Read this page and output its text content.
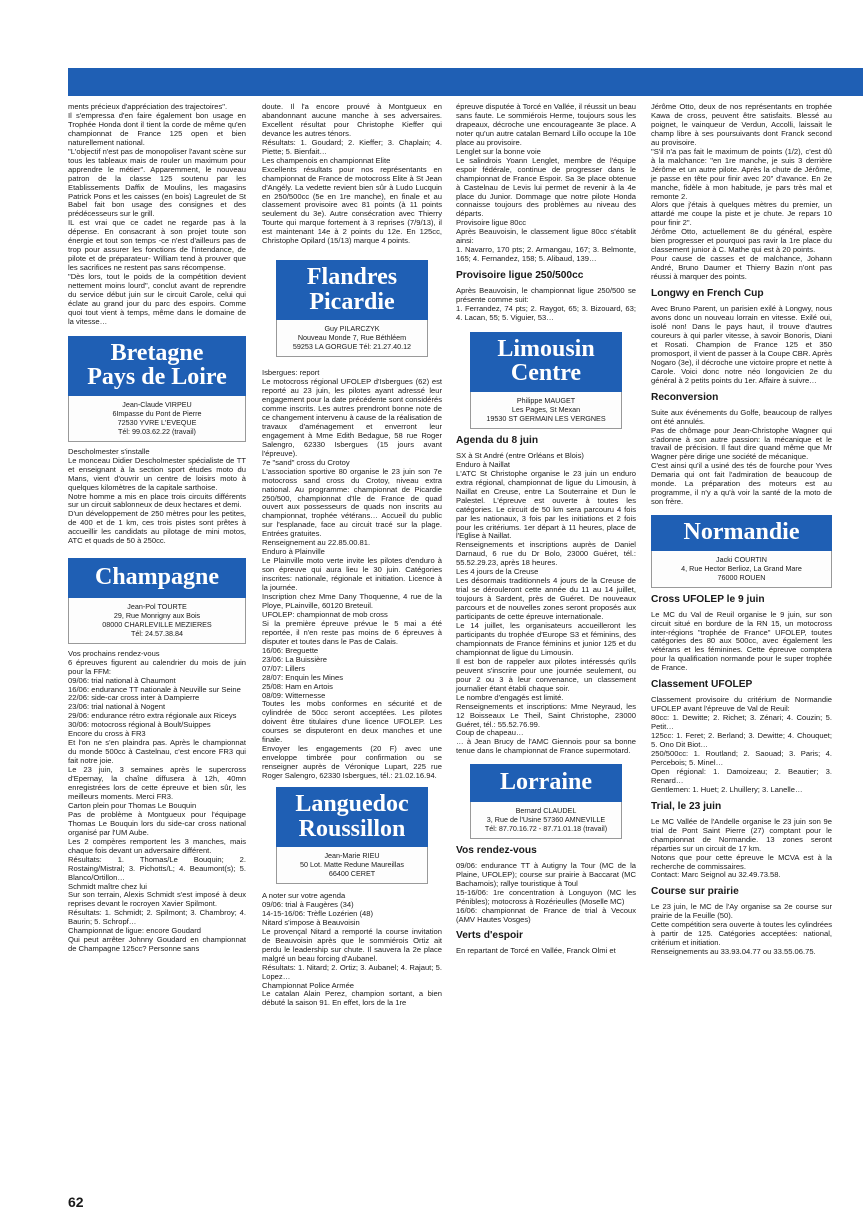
ments précieux d'appréciation des trajectoires".
Il s'empressa d'en faire également bon usage en Trophée Honda dont il tient la corde de même qu'en championnat de France 125 open et bien naturellement national.
"L'objectif n'est pas de monopoliser l'avant scène sur tous les tableaux mais de rouler un maximum pour apprendre le métier". Apparemment, le nouveau patron de la classe 125 soutenu par les Etablissements Daffix de Moulins, les magasins Patrick Pons et les caisses (en bois) Lagreulet de St Babel fait bon usage des consignes et des prédécesseurs sur le grill.
IL est vrai que ce cadet ne regarde pas à la dépense. En consacrant à son projet toute son énergie et tout son temps -ce n'est d'ailleurs pas de trop pour assurer les fonctions de l'intendance, de pilote et de préparateur- William tend à prouver que les sacrifices ne restent pas sans récompense.
"Dès lors, tout le poids de la compétition devient nettement moins lourd", conclut avant de reprendre du service début juin sur le circuit Carole, celui qui éclate au grand jour du parc des espoirs. Comme quoi tout vient à temps, même dans le domaine de la vitesse…

Bretagne
Pays de Loire
Jean-Claude VIRPEU
6Impasse du Pont de Pierre
72530 YVRE L'EVEQUE
Tél: 99.03.62.22 (travail)

Descholmester s'installe
Le monceau Didier Descholmester spécialiste de TT et enseignant à la section sport études moto du Mans, vient d'ouvrir un centre de loisirs moto à quelques kilomètres de la capitale sarthoise.
Notre homme a mis en place trois circuits différents sur un circuit sablonneux de deux hectares et demi.
D'un développement de 250 mètres pour les petites, de 400 et de 1 km, ces trois pistes sont prêtes à accueillir les candidats au pilotage de mini motos, ATC et quads de 50 à 250cc.

Champagne
Jean-Pol TOURTE
29, Rue Monrigny aux Bois
08000 CHARLEVILLE MEZIERES
Tél: 24.57.38.84

Vos prochains rendez-vous
6 épreuves figurent au calendrier du mois de juin pour la FFM:
09/06: trial national à Chaumont
16/06: endurance TT nationale à Neuville sur Seine
22/06: side-car cross inter à Dampierre
23/06: trial national à Nogent
29/06: endurance rétro extra régionale aux Riceys
30/06: motocross régional à Boult/Suippes
Encore du cross à FR3
Et l'on ne s'en plaindra pas. Après le championnat du monde 500cc à Castelnau, c'est encore FR3 qui fait notre joie.
Le 23 juin, 3 semaines après le supercross d'Epernay, la chaîne diffusera à 12h, 40mn enregistrées lors de cette épreuve et bien sûr, les meilleurs moments. Merci FR3.
Carton plein pour Thomas Le Bouquin
Pas de problème à Montgueux pour l'équipage Thomas Le Bouquin lors du side-car cross national organisé par l'UM Aube.
Les 2 compères remportent les 3 manches, mais chaque fois devant un adversaire différent.
Résultats: 1. Thomas/Le Bouquin; 2. Rostaing/Mistral; 3. Pichotts/L; 4. Beaumont(s); 5. Blanco/Ortillon…
Schmidt maître chez lui
Sur son terrain, Alexis Schmidt s'est imposé à deux reprises devant le rocroyen Xavier Spilmont.
Résultats: 1. Schmidt; 2. Spilmont; 3. Chambroy; 4. Baurin; 5. Schropf…
Championnat de ligue: encore Goudard
Qui peut arrêter Johnny Goudard en championnat de Champagne 125cc? Personne sans

doute. Il l'a encore prouvé à Montgueux en abandonnant aucune manche à ses adversaires. Excellent résultat pour Christophe Kieffer qui devance les autres ténors.
Résultats: 1. Goudard; 2. Kieffer; 3. Chaplain; 4. Piette; 5. Bienfait…
Les champenois en championnat Elite
Excellents résultats pour nos représentants en championnat de France de motocross Elite à St Jean d'Angély. La vedette revient bien sûr à Ludo Lucquin en 250/500cc (5e en 1re manche), en finale et au classement provisoire avec 81 points (à 11 points seulement du 3e). Autre consécration avec Thierry Tourte qui marque fortement à 3 reprises (7/9/13), il est maintenant 14e à 2 points du 12e. En 125cc, Christophe Opilard (15/13) marque 4 points.

Flandres
Picardie
Guy PILARCZYK
Nouveau Monde 7, Rue Béthléem
59253 LA GORGUE Tél: 21.27.40.12

Isbergues: report
Le motocross régional UFOLEP d'Isbergues (62) est reporté au 23 juin, les pilotes ayant adressé leur engagement pour la date précédente sont considérés comme inscrits. Les autres prendront bonne note de ce changement intervenu à cause de la réalisation de travaux d'aménagement et enverront leur engagement à Mme Edith Bedague, 58 rue Roger Salengro, 62330 Isbergues (15 jours avant l'épreuve).
7e "sand" cross du Crotoy
L'association sportive 80 organise le 23 juin son 7e motocross sand cross du Crotoy, niveau extra national. Au programme: championnat de Picardie 250/500, championnat d'Ile de France de quad ouvert aux possesseurs de quads non inscrits au championnat, trophée vétérans… Accueil du public sur l'esplanade, face au circuit tracé sur la plage. Entrées gratuites.
Renseignement au 22.85.00.81.
Enduro à Plainville
Le Plainville moto verte invite les pilotes d'enduro à son épreuve qui aura lieu le 30 juin. Catégories inscrites: nationale, régionale et initiation. Licence à la journée.
Inscription chez Mme Dany Thoquenne, 4 rue de la Ploye, PLainville, 60120 Breteuil.
UFOLEP: championnat de mob cross
Si la première épreuve prévue le 5 mai a été reportée, il n'en reste pas moins de 6 épreuves à disputer et toutes dans le Pas de Calais.
16/06: Breguette
23/06: La Buissière
07/07: Lillers
28/07: Enquin les Mines
25/08: Ham en Artois
08/09: Witternesse
Toutes les mobs conformes en sécurité et de cylindrée de 50cc seront acceptées. Les pilotes doivent être titulaires d'une licence UFOLEP. Les courses se disputeront en deux manches et une finale.
Envoyer les engagements (20 F) avec une enveloppe timbrée pour confirmation ou se renseigner auprès de Véronique Lupart, 225 rue Roger Salengro, 62330 Isbergues, tél.: 21.02.16.94.

Languedoc
Roussillon
Jean-Marie RIEU
50 Lot. Matte Redune Maureillas
66400 CERET

A noter sur votre agenda
09/06: trial à Faugères (34)
14-15-16/06: Trèfle Lozérien (48)
Nitard s'impose à Beauvoisin
Le provençal Nitard a remporté la course invitation de Beauvoisin après que le sommiérois Ortiz ait perdu le leadership sur chute. Il sauvera la 2e place malgré un beau forcing d'Aubanel.
Résultats: 1. Nitard; 2. Ortiz; 3. Aubanel; 4. Rajaut; 5. Lopez…
Championnat Police Armée
Le catalan Alain Perez, champion sortant, a bien débuté la saison 91. En effet, lors de la 1re

épreuve disputée à Torcé en Vallée, il réussit un beau sans faute. Le sommiérois Herme, toujours sous les drapeaux, décroche une encourageante 3e place. A noter qu'un autre catalan Bernard Lillo occupe la 10e place au provisoire.
Lenglet sur la bonne voie
Le salindrois Yoann Lenglet, membre de l'équipe espoir fédérale, continue de progresser dans le championnat de France Espoir. Sa 3e place obtenue à Castelnau de Levis lui permet de revenir à la 4e place du Junior. Dommage que notre pilote Honda connaisse toujours des problèmes au niveau des départs.
Provisoire ligue 80cc
Après Beauvoisin, le classement ligue 80cc s'établit ainsi:
1. Navarro, 170 pts; 2. Armangau, 167; 3. Belmonte, 165; 4. Fernandez, 158; 5. Alibaud, 139…

Provisoire ligue 250/500cc

Après Beauvoisin, le championnat ligue 250/500 se présente comme suit:
1. Ferrandez, 74 pts; 2. Raygot, 65; 3. Bizouard, 63; 4. Lacan, 55; 5. Viguier, 53…

Limousin
Centre
Philippe MAUGET
Les Pages, St Mexan
19530 ST GERMAIN LES VERGNES
Agenda du 8 juin

SX à St André (entre Orléans et Blois)
Enduro à Naillat
L'ATC St Christophe organise le 23 juin un enduro extra régional, championnat de ligue du Limousin, à Naillat en Creuse, entre La Souterraine et Dun le Palestel. L'épreuve est ouverte à toutes les catégories. Le circuit de 50 km sera parcouru 4 fois par les nationaux, 3 fois par les initiations et 2 fois pour les critériums. 1er départ à 11 heures, place de l'Eglise à Naillat.
Renseignements et inscriptions auprès de Daniel Darnaud, 6 rue du Dr Bolo, 23000 Guéret, tél.: 55.52.29.23, après 18 heures.
Les 4 jours de la Creuse
Les désormais traditionnels 4 jours de la Creuse de trial se dérouleront cette année du 11 au 14 juillet, toujours à Sardent, près de Guéret. De nouveaux parcours et de nouvelles zones seront proposés aux participants de cette épreuve internationale.
Le 14 juillet, les organisateurs accueilleront les participants du trophée d'Europe S3 et féminins, des championnats de France féminins et junior 125 et du championnat de ligue du Limousin.
Il est bon de rappeler aux pilotes intéressés qu'ils peuvent s'inscrire pour une journée seulement, ou pour 2 ou 3 à leur convenance, un classement journalier étant établi chaque soir.
Le nombre d'engagés est limité.
Renseignements et inscriptions: Mme Neyraud, les 12 Boisseaux Le Theil, Saint Christophe, 23000 Guéret, tél.: 55.52.76.99.
Coup de chapeau…
… à Jean Brucy de l'AMC Giennois pour sa bonne tenue dans le championnat de France supermotard.

Lorraine
Bernard CLAUDEL
3, Rue de l'Usine 57360 AMNEVILLE
Tél: 87.70.16.72 - 87.71.01.18 (travail)
Vos rendez-vous

09/06: endurance TT à Autigny la Tour (MC de la Plaine, UFOLEP); course sur prairie à Baccarat (MC Bachamois); rallye touristique à Toul
15-16/06: 1re concentration à Longuyon (MC les Pénibles); motocross à Rozérieulles (Moselle MC)
16/06: championnat de France de trial à Vecoux (AMV Hautes Vosges)

Verts d'espoir

En repartant de Torcé en Vallée, Franck Olmi et

Jérôme Otto, deux de nos représentants en trophée Kawa de cross, peuvent être satisfaits. Blessé au poignet, le vainqueur de Verdun, Accolli, laissait le champ libre à ses poursuivants dont Franck second au provisoire.
"S'il n'a pas fait le maximum de points (1/2), c'est dû à la malchance: "en 1re manche, je suis 3 derrière Jérôme et un autre pilote. Après la chute de Jérôme, je passe en tête pour finir avec 20" d'avance. En 2e manche, fidèle à mon habitude, je pars très mal et remonte 2.
Alors que j'étais à quelques mètres du premier, un attardé me coupe la piste et je chute. Je repars 10 pour finir 2".
Jérôme Otto, actuellement 8e du général, espère bien progresser et pourquoi pas ravir la 1re place du classement junior à C. Mathe qui est à 20 points.
Pour cause de casses et de malchance, Johann André, Bruno Daumer et Thierry Bazin n'ont pas réussi à marquer des points.

Longwy en French Cup

Avec Bruno Parent, un parisien exilé à Longwy, nous avons donc un nouveau lorrain en vitesse. Exilé oui, isolé non! Dans le pays haut, il trouve d'autres coureurs à qui parler vitesse, à savoir Bonoris, Diani et Rosati. Champion de France 125 et 350 promosport, il vient de passer à la Coupe CBR. Après Nogaro (3e), il décroche une victoire propre et nette à Carole. Voici donc notre néo longovicien 2e du général à 2 petits points du 1er. Affaire à suivre…

Reconversion

Suite aux événements du Golfe, beaucoup de rallyes ont été annulés.
Pas de chômage pour Jean-Christophe Wagner qui s'adonne à son autre passion: la mécanique et le travail de précision. Il faut dire quand même que Mr Wagner père dirige une société de mécanique.
C'est ainsi qu'il a usiné des tés de fourche pour Yves Demaria qui ont fait l'admiration de beaucoup de monde. La préparation des moteurs est au programme, il n'y a qu'à voir la santé de la moto de son frère.

Normandie
Jacki COURTIN
4, Rue Hector Berlioz, La Grand Mare
76000 ROUEN
Cross UFOLEP le 9 juin

Le MC du Val de Reuil organise le 9 juin, sur son circuit situé en bordure de la RN 15, un motocross inter-régions "trophée de France" UFOLEP, toutes catégories des 80 aux 500cc, avec également les vétérans et les féminines. Cette épreuve comptera pour la qualification normande pour le super trophée de France.

Classement UFOLEP

Classement provisoire du critérium de Normandie UFOLEP avant l'épreuve de Val de Reuil:
80cc: 1. Dewitte; 2. Richet; 3. Zénari; 4. Couzin; 5. Petit…
125cc: 1. Feret; 2. Berland; 3. Dewitte; 4. Chouquet; 5. Ono Dit Biot…
250/500cc: 1. Routland; 2. Saouad; 3. Paris; 4. Percebois; 5. Minel…
Open régional: 1. Damoizeau; 2. Beautier; 3. Renard…
Gentlemen: 1. Huet; 2. Lhuillery; 3. Lanelle…

Trial, le 23 juin

Le MC Vallée de l'Andelle organise le 23 juin son 9e trial de Pont Saint Pierre (27) comptant pour le championnat de Normandie. 13 zones seront réparties sur un circuit de 17 km.
Notons que pour cette épreuve le MCVA est à la recherche de commissaires.
Contact: Marc Seignol au 32.49.73.58.

Course sur prairie

Le 23 juin, le MC de l'Ay organise sa 2e course sur prairie de la Feuille (50).
Cette compétition sera ouverte à toutes les cylindrées à partir de 125. Catégories acceptées: national, critérium et initiation.
Renseignements au 33.93.04.77 ou 33.55.06.75.

62
